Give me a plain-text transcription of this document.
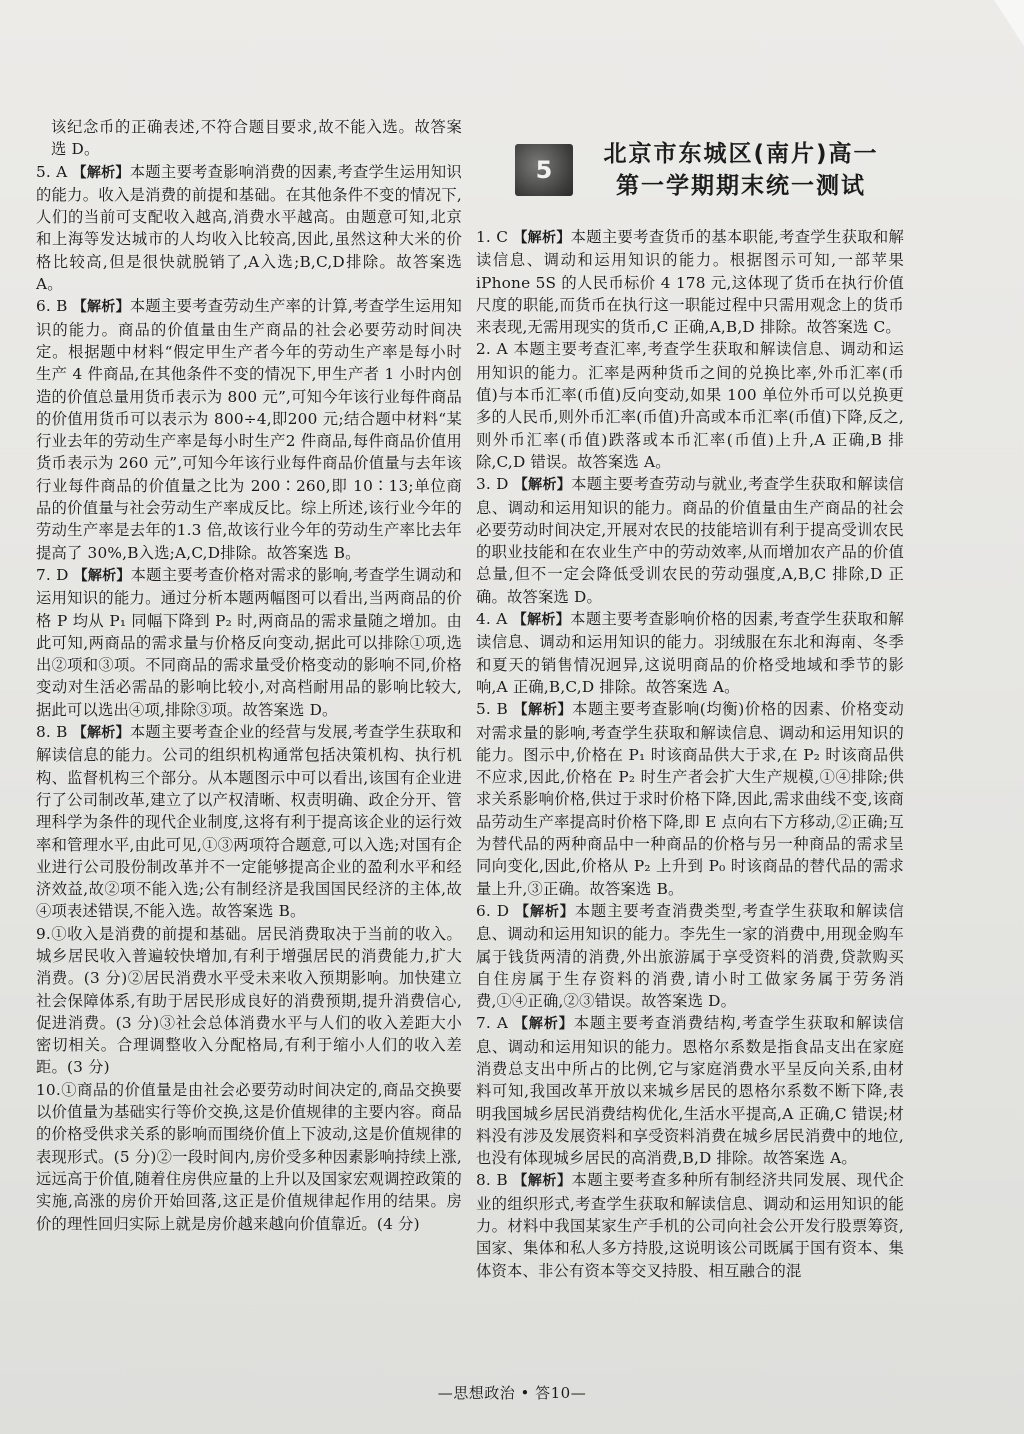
该纪念币的正确表述,不符合题目要求,故不能入选。故答案选 D。

5. A 【解析】本题主要考查影响消费的因素,考查学生运用知识的能力。收入是消费的前提和基础。在其他条件不变的情况下,人们的当前可支配收入越高,消费水平越高。由题意可知,北京和上海等发达城市的人均收入比较高,因此,虽然这种大米的价格比较高,但是很快就脱销了,A入选;B,C,D排除。故答案选 A。

6. B 【解析】本题主要考查劳动生产率的计算,考查学生运用知识的能力。商品的价值量由生产商品的社会必要劳动时间决定。根据题中材料“假定甲生产者今年的劳动生产率是每小时生产 4 件商品,在其他条件不变的情况下,甲生产者 1 小时内创造的价值总量用货币表示为 800 元”,可知今年该行业每件商品的价值用货币可以表示为 800÷4,即200 元;结合题中材料“某行业去年的劳动生产率是每小时生产2 件商品,每件商品价值用货币表示为 260 元”,可知今年该行业每件商品价值量与去年该行业每件商品的价值量之比为 200∶260,即 10∶13;单位商品的价值量与社会劳动生产率成反比。综上所述,该行业今年的劳动生产率是去年的1.3 倍,故该行业今年的劳动生产率比去年提高了 30%,B入选;A,C,D排除。故答案选 B。

7. D 【解析】本题主要考查价格对需求的影响,考查学生调动和运用知识的能力。通过分析本题两幅图可以看出,当两商品的价格 P 均从 P₁ 同幅下降到 P₂ 时,两商品的需求量随之增加。由此可知,两商品的需求量与价格反向变动,据此可以排除①项,选出②项和③项。不同商品的需求量受价格变动的影响不同,价格变动对生活必需品的影响比较小,对高档耐用品的影响比较大,据此可以选出④项,排除③项。故答案选 D。

8. B 【解析】本题主要考查企业的经营与发展,考查学生获取和解读信息的能力。公司的组织机构通常包括决策机构、执行机构、监督机构三个部分。从本题图示中可以看出,该国有企业进行了公司制改革,建立了以产权清晰、权责明确、政企分开、管理科学为条件的现代企业制度,这将有利于提高该企业的运行效率和管理水平,由此可见,①③两项符合题意,可以入选;对国有企业进行公司股份制改革并不一定能够提高企业的盈利水平和经济效益,故②项不能入选;公有制经济是我国国民经济的主体,故④项表述错误,不能入选。故答案选 B。

9.①收入是消费的前提和基础。居民消费取决于当前的收入。城乡居民收入普遍较快增加,有利于增强居民的消费能力,扩大消费。(3 分)②居民消费水平受未来收入预期影响。加快建立社会保障体系,有助于居民形成良好的消费预期,提升消费信心,促进消费。(3 分)③社会总体消费水平与人们的收入差距大小密切相关。合理调整收入分配格局,有利于缩小人们的收入差距。(3 分)

10.①商品的价值量是由社会必要劳动时间决定的,商品交换要以价值量为基础实行等价交换,这是价值规律的主要内容。商品的价格受供求关系的影响而围绕价值上下波动,这是价值规律的表现形式。(5 分)②一段时间内,房价受多种因素影响持续上涨,远远高于价值,随着住房供应量的上升以及国家宏观调控政策的实施,高涨的房价开始回落,这正是价值规律起作用的结果。房价的理性回归实际上就是房价越来越向价值靠近。(4 分)

5
北京市东城区(南片)高一
第一学期期末统一测试

1. C 【解析】本题主要考查货币的基本职能,考查学生获取和解读信息、调动和运用知识的能力。根据图示可知,一部苹果 iPhone 5S 的人民币标价 4 178 元,这体现了货币在执行价值尺度的职能,而货币在执行这一职能过程中只需用观念上的货币来表现,无需用现实的货币,C 正确,A,B,D 排除。故答案选 C。

2. A 本题主要考查汇率,考查学生获取和解读信息、调动和运用知识的能力。汇率是两种货币之间的兑换比率,外币汇率(币值)与本币汇率(币值)反向变动,如果 100 单位外币可以兑换更多的人民币,则外币汇率(币值)升高或本币汇率(币值)下降,反之,则外币汇率(币值)跌落或本币汇率(币值)上升,A 正确,B 排除,C,D 错误。故答案选 A。

3. D 【解析】本题主要考查劳动与就业,考查学生获取和解读信息、调动和运用知识的能力。商品的价值量由生产商品的社会必要劳动时间决定,开展对农民的技能培训有利于提高受训农民的职业技能和在农业生产中的劳动效率,从而增加农产品的价值总量,但不一定会降低受训农民的劳动强度,A,B,C 排除,D 正确。故答案选 D。

4. A 【解析】本题主要考查影响价格的因素,考查学生获取和解读信息、调动和运用知识的能力。羽绒服在东北和海南、冬季和夏天的销售情况迥异,这说明商品的价格受地域和季节的影响,A 正确,B,C,D 排除。故答案选 A。

5. B 【解析】本题主要考查影响(均衡)价格的因素、价格变动对需求量的影响,考查学生获取和解读信息、调动和运用知识的能力。图示中,价格在 P₁ 时该商品供大于求,在 P₂ 时该商品供不应求,因此,价格在 P₂ 时生产者会扩大生产规模,①④排除;供求关系影响价格,供过于求时价格下降,因此,需求曲线不变,该商品劳动生产率提高时价格下降,即 E 点向右下方移动,②正确;互为替代品的两种商品中一种商品的价格与另一种商品的需求呈同向变化,因此,价格从 P₂ 上升到 P₀ 时该商品的替代品的需求量上升,③正确。故答案选 B。

6. D 【解析】本题主要考查消费类型,考查学生获取和解读信息、调动和运用知识的能力。李先生一家的消费中,用现金购车属于钱货两清的消费,外出旅游属于享受资料的消费,贷款购买自住房属于生存资料的消费,请小时工做家务属于劳务消费,①④正确,②③错误。故答案选 D。

7. A 【解析】本题主要考查消费结构,考查学生获取和解读信息、调动和运用知识的能力。恩格尔系数是指食品支出在家庭消费总支出中所占的比例,它与家庭消费水平呈反向关系,由材料可知,我国改革开放以来城乡居民的恩格尔系数不断下降,表明我国城乡居民消费结构优化,生活水平提高,A 正确,C 错误;材料没有涉及发展资料和享受资料消费在城乡居民消费中的地位,也没有体现城乡居民的高消费,B,D 排除。故答案选 A。

8. B 【解析】本题主要考查多种所有制经济共同发展、现代企业的组织形式,考查学生获取和解读信息、调动和运用知识的能力。材料中我国某家生产手机的公司向社会公开发行股票筹资,国家、集体和私人多方持股,这说明该公司既属于国有资本、集体资本、非公有资本等交叉持股、相互融合的混

—思想政治 • 答10—
